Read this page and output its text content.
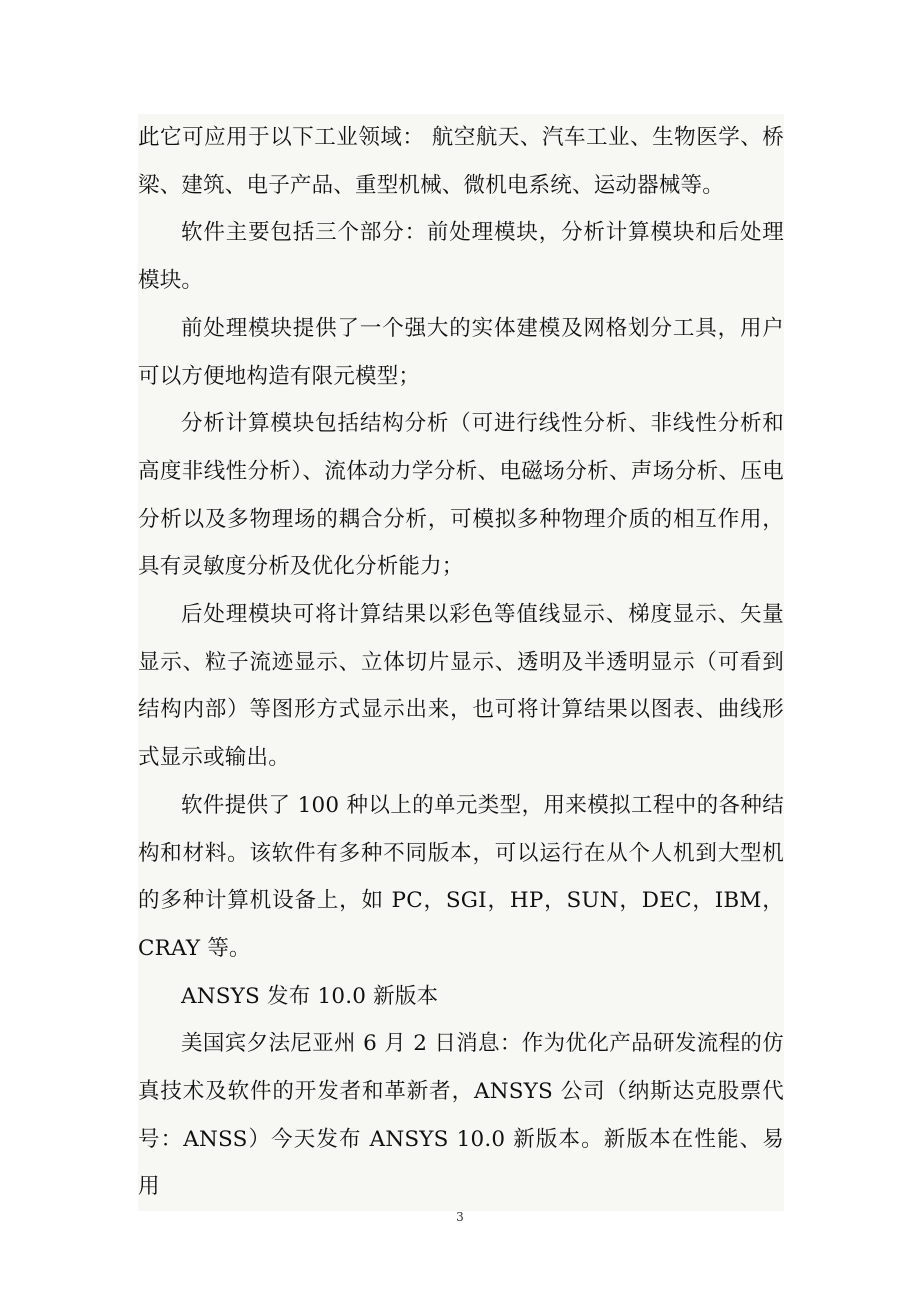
此它可应用于以下工业领域： 航空航天、汽车工业、生物医学、桥梁、建筑、电子产品、重型机械、微机电系统、运动器械等。

软件主要包括三个部分：前处理模块，分析计算模块和后处理模块。

前处理模块提供了一个强大的实体建模及网格划分工具，用户可以方便地构造有限元模型；

分析计算模块包括结构分析（可进行线性分析、非线性分析和高度非线性分析）、流体动力学分析、电磁场分析、声场分析、压电分析以及多物理场的耦合分析，可模拟多种物理介质的相互作用，具有灵敏度分析及优化分析能力；

后处理模块可将计算结果以彩色等值线显示、梯度显示、矢量显示、粒子流迹显示、立体切片显示、透明及半透明显示（可看到结构内部）等图形方式显示出来，也可将计算结果以图表、曲线形式显示或输出。

软件提供了 100 种以上的单元类型，用来模拟工程中的各种结构和材料。该软件有多种不同版本，可以运行在从个人机到大型机的多种计算机设备上，如 PC，SGI，HP，SUN，DEC，IBM，CRAY 等。

ANSYS 发布 10.0 新版本

美国宾夕法尼亚州 6 月 2 日消息：作为优化产品研发流程的仿真技术及软件的开发者和革新者，ANSYS 公司（纳斯达克股票代号：ANSS）今天发布 ANSYS 10.0 新版本。新版本在性能、易用

3
